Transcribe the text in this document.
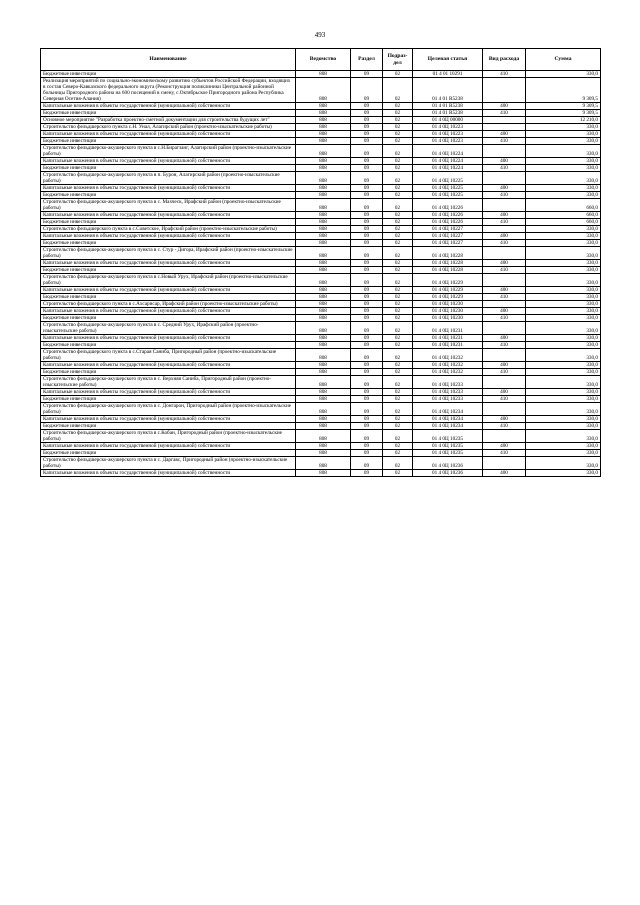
493
Наименование	Ведомство	Раздел	Подраз-дел	Целевая статья	Вид расхода	Сумма
Бюджетные инвестиции	808	09	02	01 4 01 10291	410	330,0
Реализация мероприятий по социально-экономическому развитию субъектов Российской Федерации, входящих в состав Северо-Кавказского федерального округа (Реконструкция поликлиники Центральной районной больницы Пригородного района на 600 посещений в смену, с.Октябрьское Пригородного района Республика Северная Осетия-Алания)	808	09	02	01 4 01 R5238		9 309,5
Капитальные вложения в объекты государственной (муниципальной) собственности	808	09	02	01 4 01 R5238	400	9 309,5
Бюджетные инвестиции	808	09	02	01 4 01 R5238	410	9 309,5
Основное мероприятие "Разработка проектно-сметной документации для строительства будущих лет"	808	09	02	01 4 0Ц 00000		12 210,0
Строительство фельдшерского пункта с.Н. Унал, Алагирский район (проектно-изыскательские работы)	808	09	02	01 4 0Ц 10223		330,0
Капитальные вложения в объекты государственной (муниципальной) собственности	808	09	02	01 4 0Ц 10223	400	330,0
Бюджетные инвестиции	808	09	02	01 4 0Ц 10223	410	330,0
Строительство фельдшерско-акушерского пункта в с.Н.Бирагзанг, Алагирский район (проектно-изыскательские работы)	808	09	02	01 4 0Ц 10224		330,0
Капитальные вложения в объекты государственной (муниципальной) собственности	808	09	02	01 4 0Ц 10224	400	330,0
Бюджетные инвестиции	808	09	02	01 4 0Ц 10224	410	330,0
Строительство фельдшерско-акушерского пункта в п. Бурон, Алагирский район (проектно-изыскательские работы)	808	09	02	01 4 0Ц 10225		330,0
Капитальные вложения в объекты государственной (муниципальной) собственности	808	09	02	01 4 0Ц 10225	400	330,0
Бюджетные инвестиции	808	09	02	01 4 0Ц 10225	410	330,0
Строительство фельдшерско-акушерского пункта в с. Махческ, Ирафский район (проектно-изыскательские работы)	808	09	02	01 4 0Ц 10226		660,0
Капитальные вложения в объекты государственной (муниципальной) собственности	808	09	02	01 4 0Ц 10226	400	660,0
Бюджетные инвестиции	808	09	02	01 4 0Ц 10226	410	660,0
Строительство фельдшерского пункта в с.Советское, Ирафский район (проектно-изыскательские работы)	808	09	02	01 4 0Ц 10227		330,0
Капитальные вложения в объекты государственной (муниципальной) собственности	808	09	02	01 4 0Ц 10227	400	330,0
Бюджетные инвестиции	808	09	02	01 4 0Ц 10227	410	330,0
Строительство фельдшерско-акушерского пункта в с. Стур - Дигора, Ирафский район (проектно-изыскательские работы)	808	09	02	01 4 0Ц 10228		330,0
Капитальные вложения в объекты государственной (муниципальной) собственности	808	09	02	01 4 0Ц 10228	400	330,0
Бюджетные инвестиции	808	09	02	01 4 0Ц 10228	410	330,0
Строительство фельдшерско-акушерского пункта в с.Новый Урух, Ирафский район (проектно-изыскательские работы)	808	09	02	01 4 0Ц 10229		330,0
Капитальные вложения в объекты государственной (муниципальной) собственности	808	09	02	01 4 0Ц 10229	400	330,0
Бюджетные инвестиции	808	09	02	01 4 0Ц 10229	410	330,0
Строительство фельдшерского пункта в с.Ахсарисар, Ирафский район (проектно-изыскательские работы)	808	09	02	01 4 0Ц 10230		330,0
Капитальные вложения в объекты государственной (муниципальной) собственности	808	09	02	01 4 0Ц 10230	400	330,0
Бюджетные инвестиции	808	09	02	01 4 0Ц 10230	410	330,0
Строительство фельдшерско-акушерского пункта в с. Средний Урух, Ирафский район (проектно-изыскательские работы)	808	09	02	01 4 0Ц 10231		330,0
Капитальные вложения в объекты государственной (муниципальной) собственности	808	09	02	01 4 0Ц 10231	400	330,0
Бюджетные инвестиции	808	09	02	01 4 0Ц 10231	410	330,0
Строительство фельдшерского пункта в с.Старая Саниба, Пригородный район (проектно-изыскательские работы)	808	09	02	01 4 0Ц 10232		330,0
Капитальные вложения в объекты государственной (муниципальной) собственности	808	09	02	01 4 0Ц 10232	400	330,0
Бюджетные инвестиции	808	09	02	01 4 0Ц 10232	410	330,0
Строительство фельдшерско-акушерского пункта в с. Верхняя Саниба, Пригородный район (проектно-изыскательские работы)	808	09	02	01 4 0Ц 10233		330,0
Капитальные вложения в объекты государственной (муниципальной) собственности	808	09	02	01 4 0Ц 10233	400	330,0
Бюджетные инвестиции	808	09	02	01 4 0Ц 10233	410	330,0
Строительство фельдшерско-акушерского пункта в с. Донгарон, Пригородный район (проектно-изыскательские работы)	808	09	02	01 4 0Ц 10234		330,0
Капитальные вложения в объекты государственной (муниципальной) собственности	808	09	02	01 4 0Ц 10234	400	330,0
Бюджетные инвестиции	808	09	02	01 4 0Ц 10234	410	330,0
Строительство фельдшерско-акушерского пункта в с.Кобан, Пригородный район (проектно-изыскательские работы)	808	09	02	01 4 0Ц 10235		330,0
Капитальные вложения в объекты государственной (муниципальной) собственности	808	09	02	01 4 0Ц 10235	400	330,0
Бюджетные инвестиции	808	09	02	01 4 0Ц 10235	410	330,0
Строительство фельдшерско-акушерского пункта в с. Даргавс, Пригородный район (проектно-изыскательские работы)	808	09	02	01 4 0Ц 10236		330,0
Капитальные вложения в объекты государственной (муниципальной) собственности	808	09	02	01 4 0Ц 10236	400	330,0
